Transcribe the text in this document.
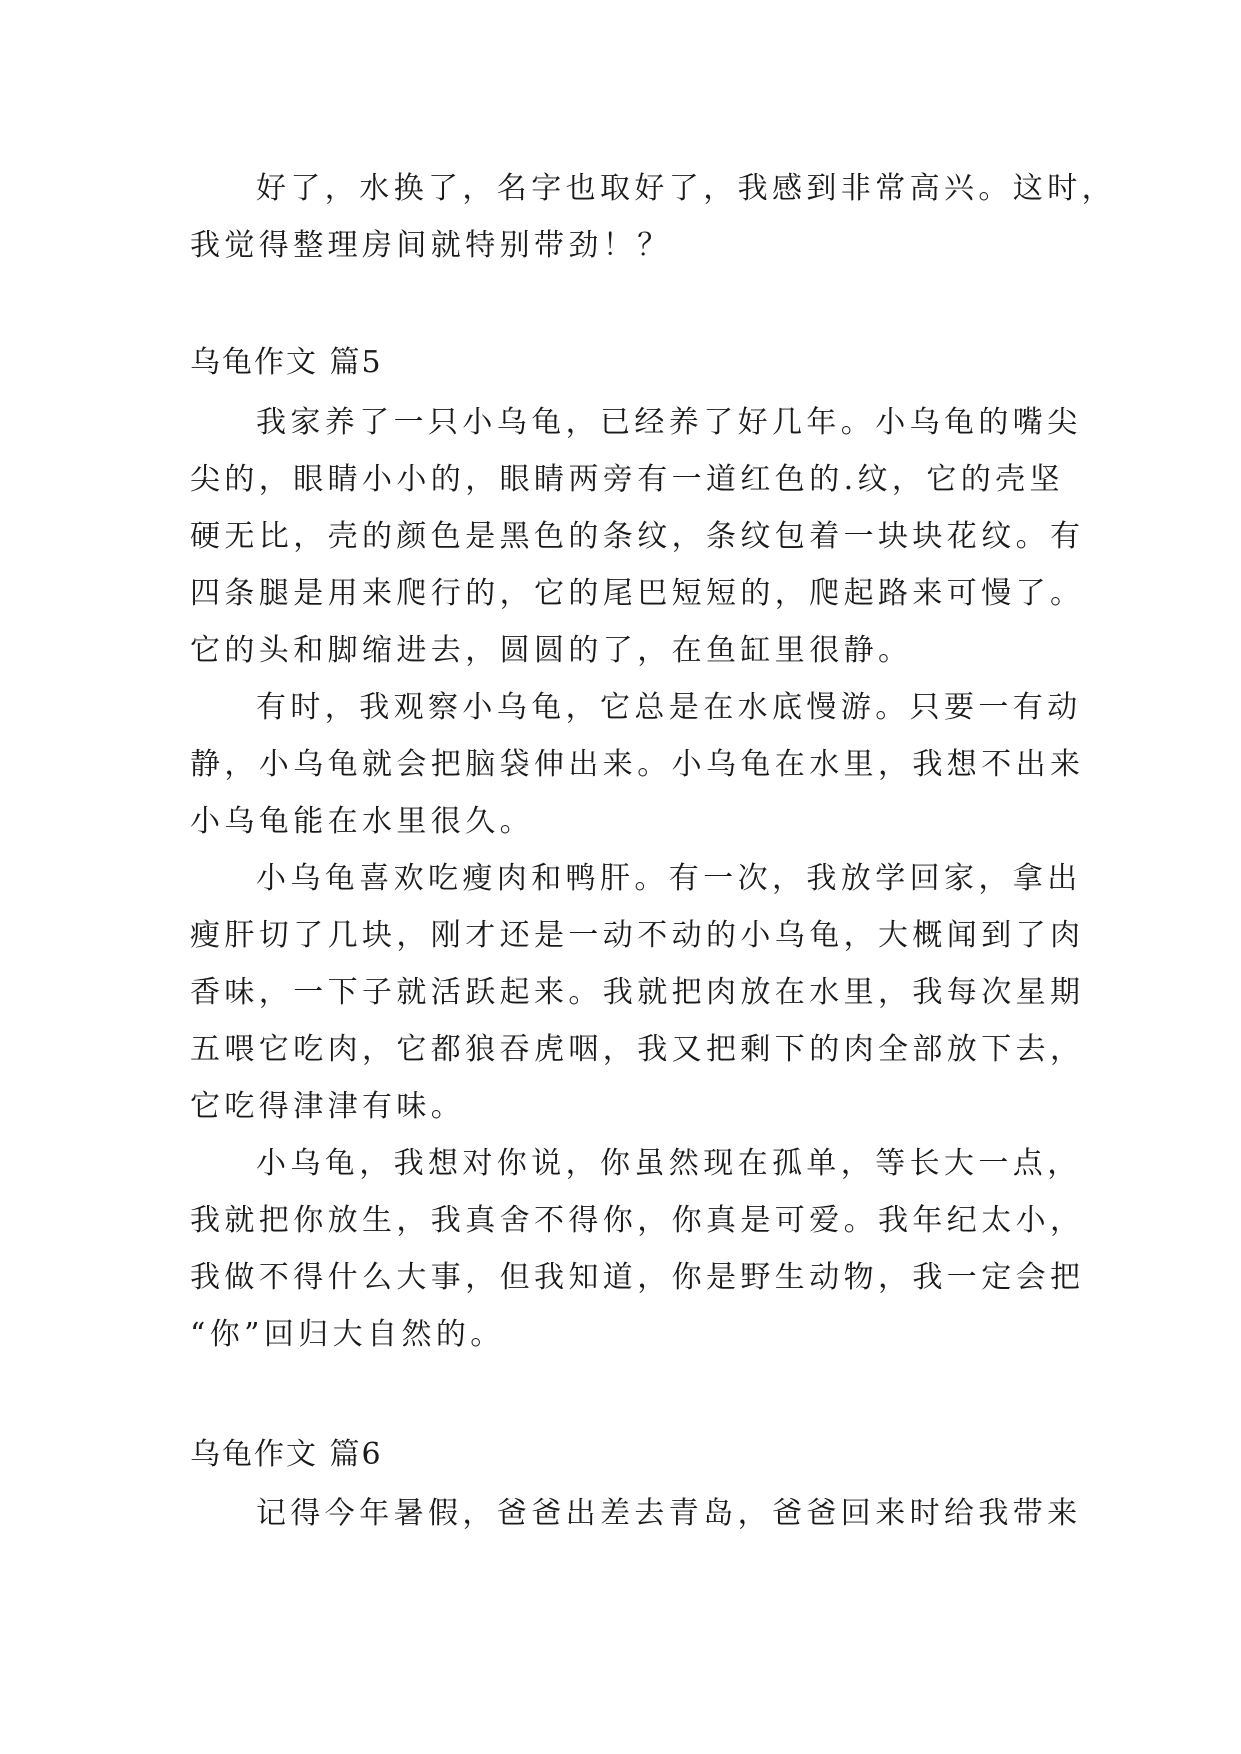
好了，水换了，名字也取好了，我感到非常高兴。这时，
我觉得整理房间就特别带劲！？
乌龟作文 篇5
我家养了一只小乌龟，已经养了好几年。小乌龟的嘴尖
尖的，眼睛小小的，眼睛两旁有一道红色的.纹，它的壳坚
硬无比，壳的颜色是黑色的条纹，条纹包着一块块花纹。有
四条腿是用来爬行的，它的尾巴短短的，爬起路来可慢了。
它的头和脚缩进去，圆圆的了，在鱼缸里很静。
有时，我观察小乌龟，它总是在水底慢游。只要一有动
静，小乌龟就会把脑袋伸出来。小乌龟在水里，我想不出来
小乌龟能在水里很久。
小乌龟喜欢吃瘦肉和鸭肝。有一次，我放学回家，拿出
瘦肝切了几块，刚才还是一动不动的小乌龟，大概闻到了肉
香味，一下子就活跃起来。我就把肉放在水里，我每次星期
五喂它吃肉，它都狼吞虎咽，我又把剩下的肉全部放下去，
它吃得津津有味。
小乌龟，我想对你说，你虽然现在孤单，等长大一点，
我就把你放生，我真舍不得你，你真是可爱。我年纪太小，
我做不得什么大事，但我知道，你是野生动物，我一定会把
“你”回归大自然的。
乌龟作文 篇6
记得今年暑假，爸爸出差去青岛，爸爸回来时给我带来
